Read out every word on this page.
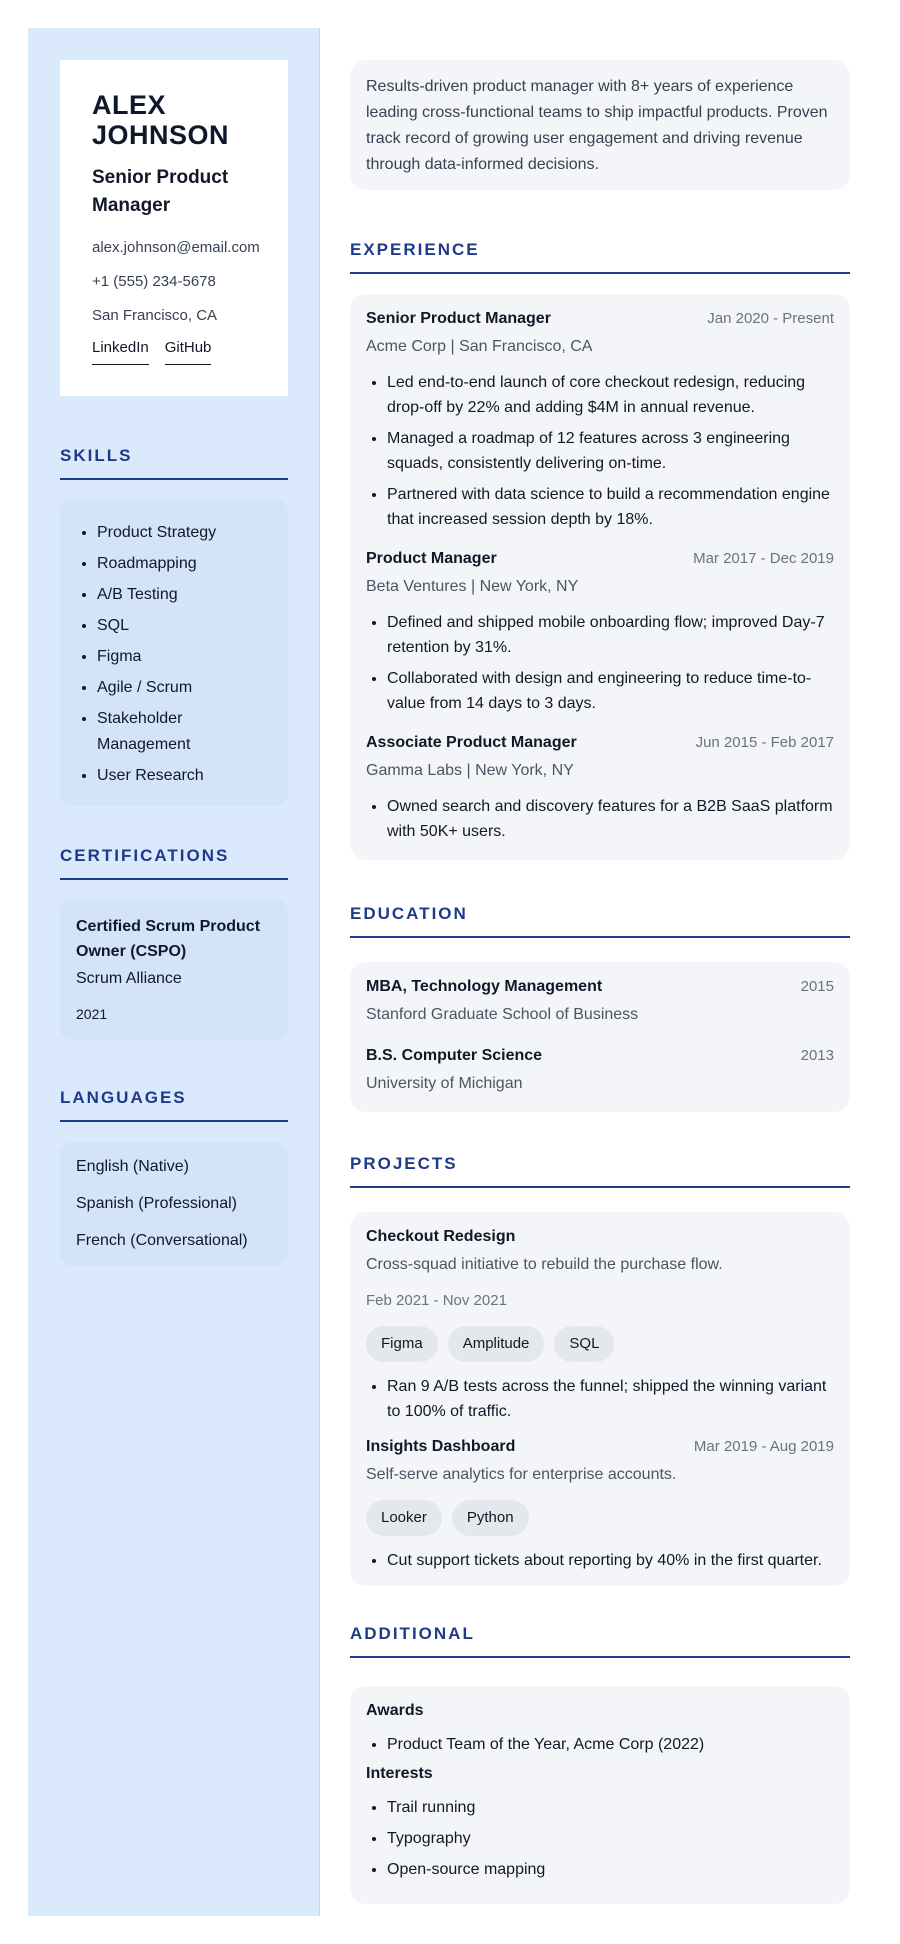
ALEX JOHNSON
Senior Product Manager
alex.johnson@email.com
+1 (555) 234-5678
San Francisco, CA
LinkedIn GitHub
SKILLS
• Product Strategy
• Roadmapping
• A/B Testing
• SQL
• Figma
• Agile / Scrum
• Stakeholder Management
• User Research
CERTIFICATIONS
Certified Scrum Product Owner (CSPO)
Scrum Alliance
2021
LANGUAGES
English (Native)
Spanish (Professional)
French (Conversational)
Results-driven product manager with 8+ years of experience leading cross-functional teams to ship impactful products. Proven track record of growing user engagement and driving revenue through data-informed decisions.
EXPERIENCE
Senior Product Manager	Jan 2020 - Present
Acme Corp | San Francisco, CA
• Led end-to-end launch of core checkout redesign, reducing drop-off by 22% and adding $4M in annual revenue.
• Managed a roadmap of 12 features across 3 engineering squads, consistently delivering on-time.
• Partnered with data science to build a recommendation engine that increased session depth by 18%.
Product Manager	Mar 2017 - Dec 2019
Beta Ventures | New York, NY
• Defined and shipped mobile onboarding flow; improved Day-7 retention by 31%.
• Collaborated with design and engineering to reduce time-to-value from 14 days to 3 days.
Associate Product Manager	Jun 2015 - Feb 2017
Gamma Labs | New York, NY
• Owned search and discovery features for a B2B SaaS platform with 50K+ users.
EDUCATION
MBA, Technology Management	2015
Stanford Graduate School of Business
B.S. Computer Science	2013
University of Michigan
PROJECTS
Checkout Redesign
Cross-squad initiative to rebuild the purchase flow.
Feb 2021 - Nov 2021
Figma	Amplitude	SQL
• Ran 9 A/B tests across the funnel; shipped the winning variant to 100% of traffic.
Insights Dashboard	Mar 2019 - Aug 2019
Self-serve analytics for enterprise accounts.
Looker	Python
• Cut support tickets about reporting by 40% in the first quarter.
ADDITIONAL
Awards
• Product Team of the Year, Acme Corp (2022)
Interests
• Trail running
• Typography
• Open-source mapping
